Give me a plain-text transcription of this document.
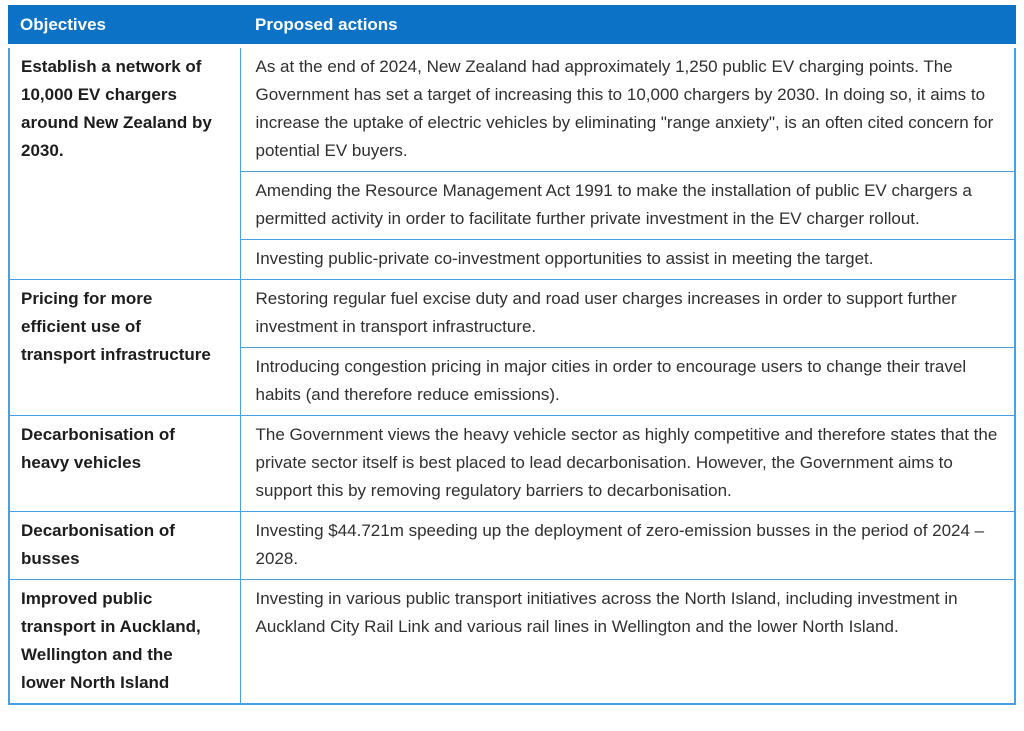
Objectives	Proposed actions
Establish a network of 10,000 EV chargers around New Zealand by 2030.	As at the end of 2024, New Zealand had approximately 1,250 public EV charging points. The Government has set a target of increasing this to 10,000 chargers by 2030. In doing so, it aims to increase the uptake of electric vehicles by eliminating "range anxiety", is an often cited concern for potential EV buyers.
	Amending the Resource Management Act 1991 to make the installation of public EV chargers a permitted activity in order to facilitate further private investment in the EV charger rollout.
	Investing public-private co-investment opportunities to assist in meeting the target.
Pricing for more efficient use of transport infrastructure	Restoring regular fuel excise duty and road user charges increases in order to support further investment in transport infrastructure.
	Introducing congestion pricing in major cities in order to encourage users to change their travel habits (and therefore reduce emissions).
Decarbonisation of heavy vehicles	The Government views the heavy vehicle sector as highly competitive and therefore states that the private sector itself is best placed to lead decarbonisation. However, the Government aims to support this by removing regulatory barriers to decarbonisation.
Decarbonisation of busses	Investing $44.721m speeding up the deployment of zero-emission busses in the period of 2024 – 2028.
Improved public transport in Auckland, Wellington and the lower North Island	Investing in various public transport initiatives across the North Island, including investment in Auckland City Rail Link and various rail lines in Wellington and the lower North Island.
